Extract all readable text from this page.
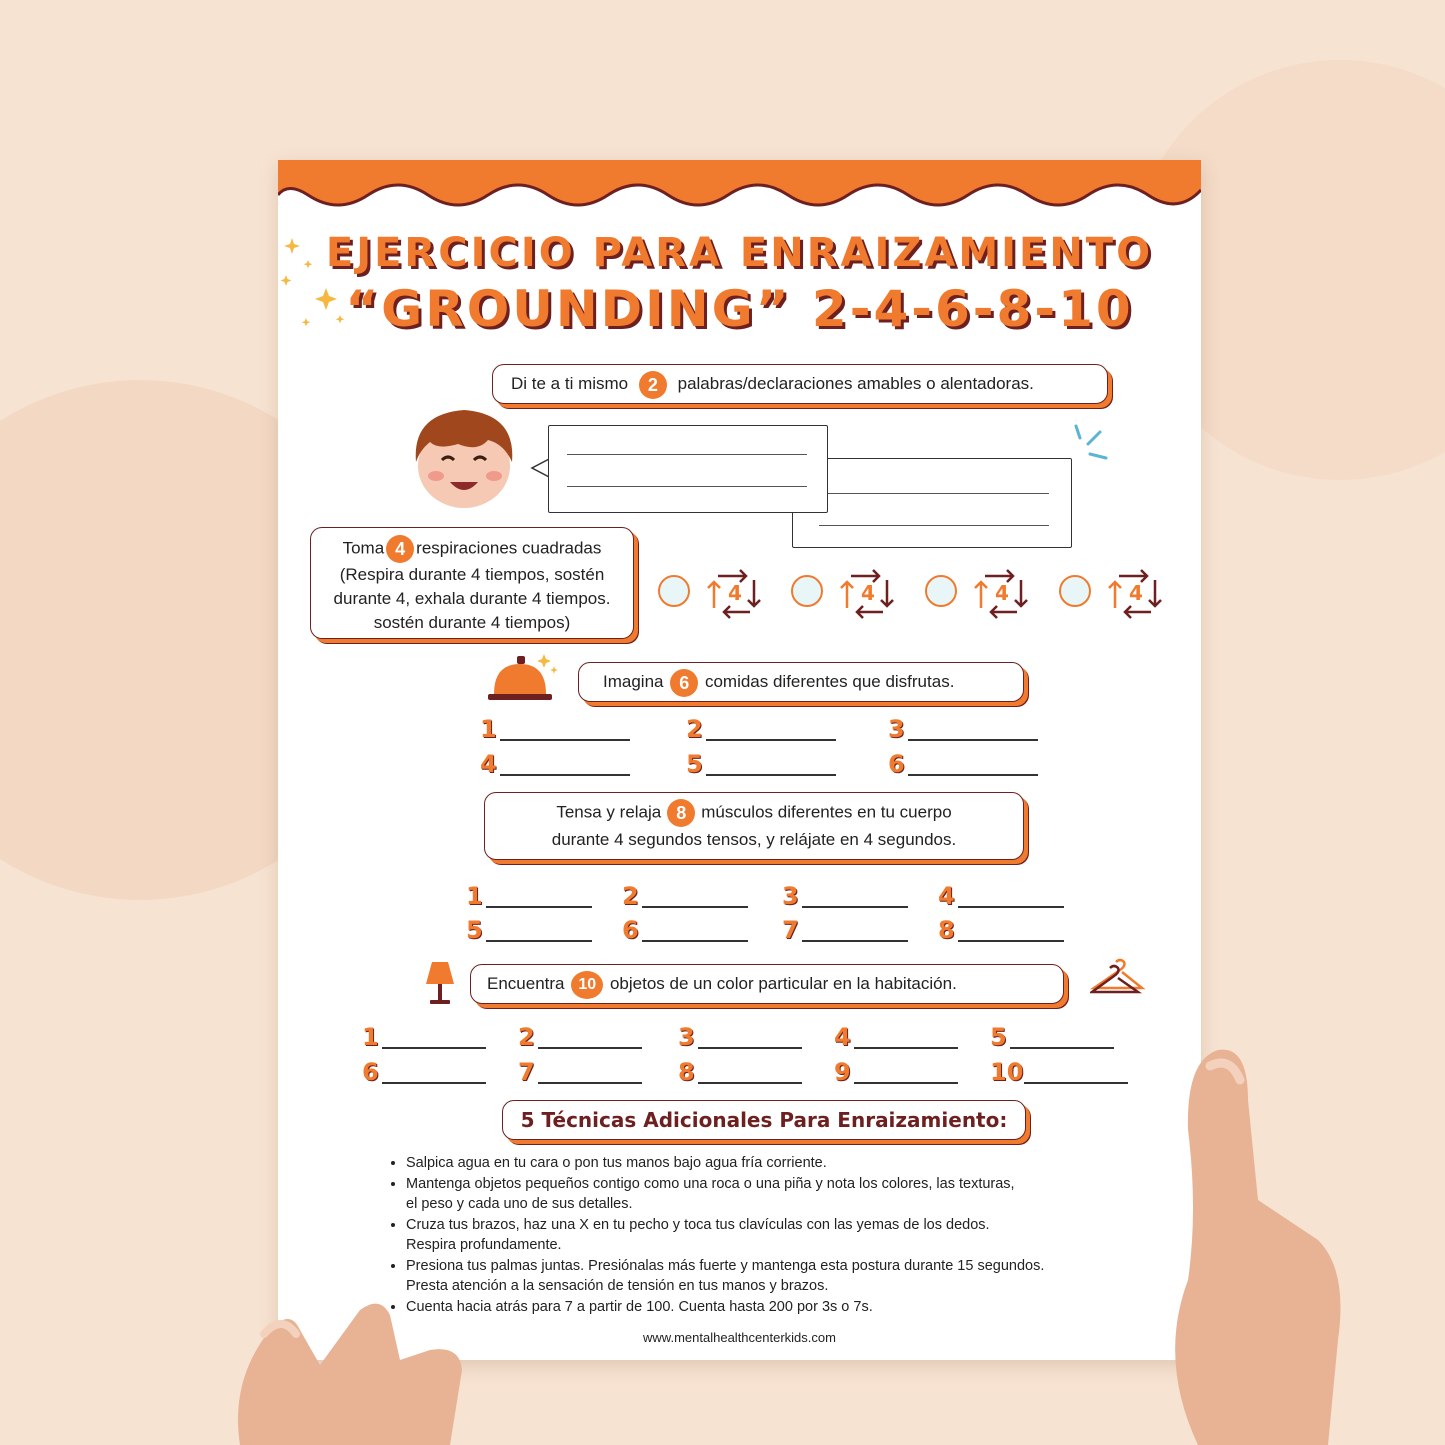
EJERCICIO PARA ENRAIZAMIENTO
“GROUNDING” 2-4-6-8-10
Di te a ti mismo 2 palabras/declaraciones amables o alentadoras.
Toma 4 respiraciones cuadradas
(Respira durante 4 tiempos, sostén
durante 4, exhala durante 4 tiempos.
sostén durante 4 tiempos)
4	4	4	4
Imagina 6 comidas diferentes que disfrutas.
1	2	3
4	5	6
Tensa y relaja 8 músculos diferentes en tu cuerpo
durante 4 segundos tensos, y relájate en 4 segundos.
1	2	3	4
5	6	7	8
Encuentra 10 objetos de un color particular en la habitación.
1	2	3	4	5
6	7	8	9	10
5 Técnicas Adicionales Para Enraizamiento:
• Salpica agua en tu cara o pon tus manos bajo agua fría corriente.
• Mantenga objetos pequeños contigo como una roca o una piña y nota los colores, las texturas,
el peso y cada uno de sus detalles.
• Cruza tus brazos, haz una X en tu pecho y toca tus clavículas con las yemas de los dedos.
Respira profundamente.
• Presiona tus palmas juntas. Presiónalas más fuerte y mantenga esta postura durante 15 segundos.
Presta atención a la sensación de tensión en tus manos y brazos.
• Cuenta hacia atrás para 7 a partir de 100. Cuenta hasta 200 por 3s o 7s.
www.mentalhealthcenterkids.com
